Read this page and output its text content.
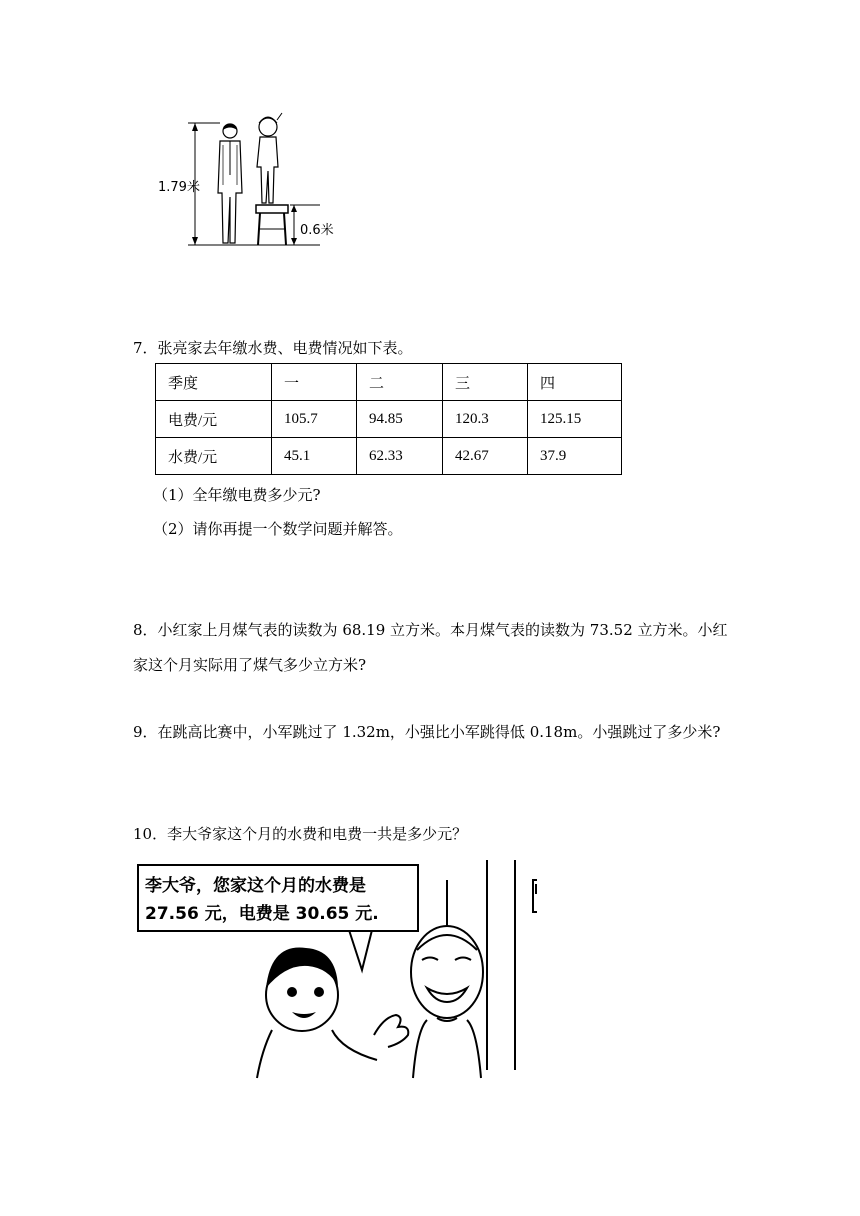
1.79米
0.6米
7．张亮家去年缴水费、电费情况如下表。
季度	一	二	三	四
电费/元	105.7	94.85	120.3	125.15
水费/元	45.1	62.33	42.67	37.9
（1）全年缴电费多少元?
（2）请你再提一个数学问题并解答。
8．小红家上月煤气表的读数为 68.19 立方米。本月煤气表的读数为 73.52 立方米。小红
家这个月实际用了煤气多少立方米?
9．在跳高比赛中，小军跳过了 1.32m，小强比小军跳得低 0.18m。小强跳过了多少米?
10．李大爷家这个月的水费和电费一共是多少元？
李大爷，您家这个月的水费是
27.56 元，电费是 30.65 元.
